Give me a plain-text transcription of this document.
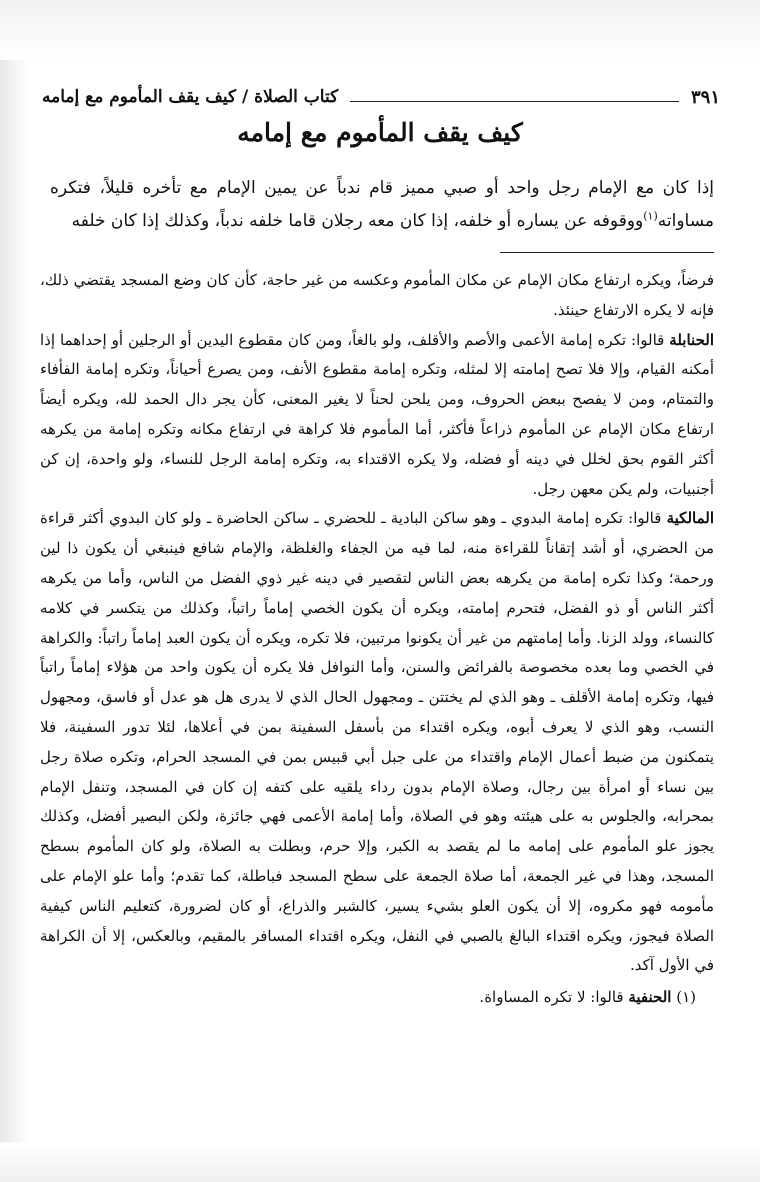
كتاب الصلاة / كيف يقف المأموم مع إمامه	٣٩١
كيف يقف المأموم مع إمامه

إذا كان مع الإمام رجل واحد أو صبي مميز قام ندباً عن يمين الإمام مع تأخره قليلاً، فتكره مساواته$^{(١)}$ووقوفه عن يساره أو خلفه، إذا كان معه رجلان قاما خلفه ندباً، وكذلك إذا كان خلفه

فرضاً، ويكره ارتفاع مكان الإمام عن مكان المأموم وعكسه من غير حاجة، كأن كان وضع المسجد يقتضي ذلك، فإنه لا يكره الارتفاع حينئذ.

الحنابلة قالوا: تكره إمامة الأعمى والأصم والأقلف، ولو بالغاً، ومن كان مقطوع اليدين أو الرجلين أو إحداهما إذا أمكنه القيام، وإلا فلا تصح إمامته إلا لمثله، وتكره إمامة مقطوع الأنف، ومن يصرع أحياناً، وتكره إمامة الفأفاء والتمتام، ومن لا يفصح ببعض الحروف، ومن يلحن لحناً لا يغير المعنى، كأن يجر دال الحمد لله، ويكره أيضاً ارتفاع مكان الإمام عن المأموم ذراعاً فأكثر، أما المأموم فلا كراهة في ارتفاع مكانه وتكره إمامة من يكرهه أكثر القوم بحق لخلل في دينه أو فضله، ولا يكره الاقتداء به، وتكره إمامة الرجل للنساء، ولو واحدة، إن كن أجنبيات، ولم يكن معهن رجل.

المالكية قالوا: تكره إمامة البدوي ـ وهو ساكن البادية ـ للحضري ـ ساكن الحاضرة ـ ولو كان البدوي أكثر قراءة من الحضري، أو أشد إتقاناً للقراءة منه، لما فيه من الجفاء والغلظة، والإمام شافع فينبغي أن يكون ذا لين ورحمة؛ وكذا تكره إمامة من يكرهه بعض الناس لتقصير في دينه غير ذوي الفضل من الناس، وأما من يكرهه أكثر الناس أو ذو الفضل، فتحرم إمامته، ويكره أن يكون الخصي إماماً راتباً، وكذلك من يتكسر في كلامه كالنساء، وولد الزنا. وأما إمامتهم من غير أن يكونوا مرتبين، فلا تكره، ويكره أن يكون العبد إماماً راتباً: والكراهة في الخصي وما بعده مخصوصة بالفرائض والسنن، وأما النوافل فلا يكره أن يكون واحد من هؤلاء إماماً راتباً فيها، وتكره إمامة الأقلف ـ وهو الذي لم يختتن ـ ومجهول الحال الذي لا يدرى هل هو عدل أو فاسق، ومجهول النسب، وهو الذي لا يعرف أبوه، ويكره اقتداء من بأسفل السفينة بمن في أعلاها، لئلا تدور السفينة، فلا يتمكنون من ضبط أعمال الإمام واقتداء من على جبل أبي قبيس بمن في المسجد الحرام، وتكره صلاة رجل بين نساء أو امرأة بين رجال، وصلاة الإمام بدون رداء يلقيه على كتفه إن كان في المسجد، وتنفل الإمام بمحرابه، والجلوس به على هيئته وهو في الصلاة، وأما إمامة الأعمى فهي جائزة، ولكن البصير أفضل، وكذلك يجوز علو المأموم على إمامه ما لم يقصد به الكبر، وإلا حرم، وبطلت به الصلاة، ولو كان المأموم بسطح المسجد، وهذا في غير الجمعة، أما صلاة الجمعة على سطح المسجد فباطلة، كما تقدم؛ وأما علو الإمام على مأمومه فهو مكروه، إلا أن يكون العلو بشيء يسير، كالشبر والذراع، أو كان لضرورة، كتعليم الناس كيفية الصلاة فيجوز، ويكره اقتداء البالغ بالصبي في النفل، ويكره اقتداء المسافر بالمقيم، وبالعكس، إلا أن الكراهة في الأول آكد.

(١) الحنفية قالوا: لا تكره المساواة.
